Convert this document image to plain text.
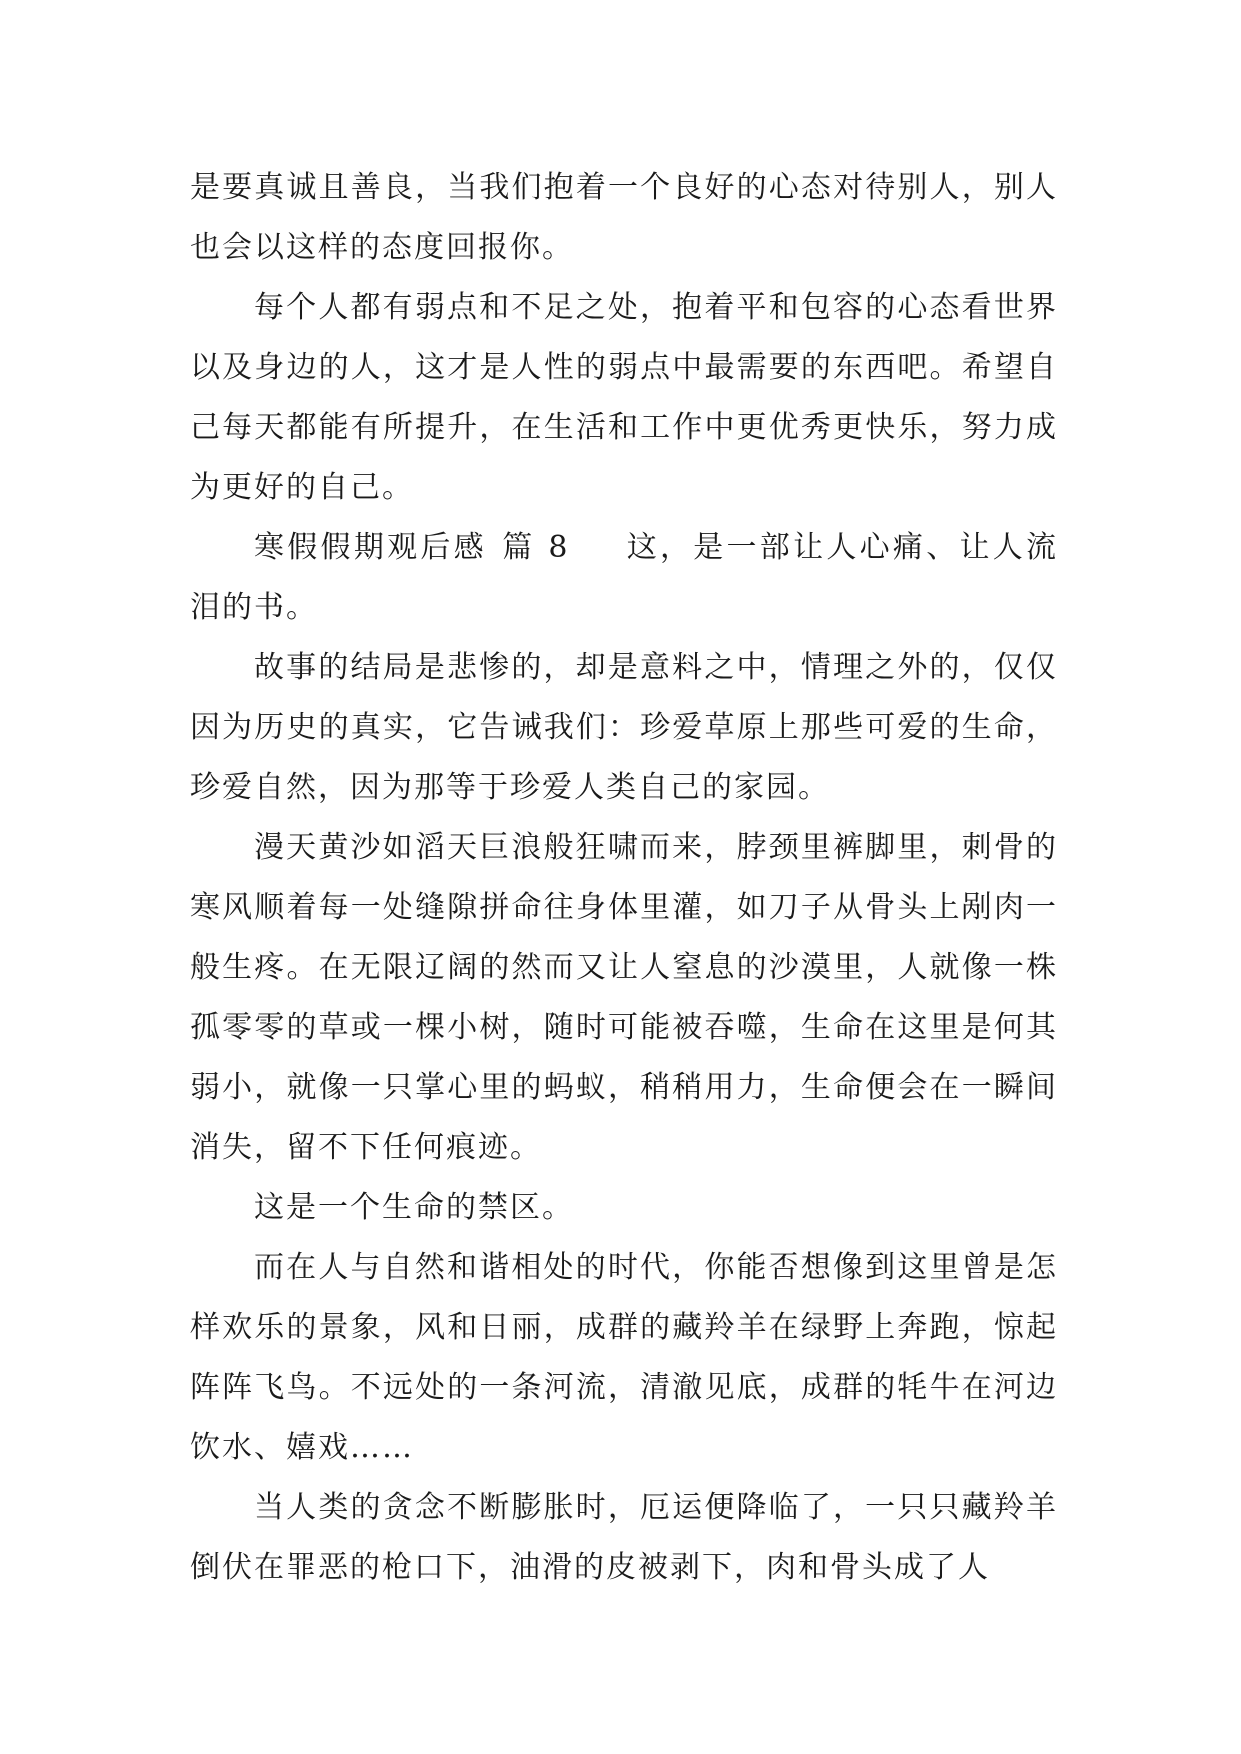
是要真诚且善良，当我们抱着一个良好的心态对待别人，别人也会以这样的态度回报你。

每个人都有弱点和不足之处，抱着平和包容的心态看世界以及身边的人，这才是人性的弱点中最需要的东西吧。希望自己每天都能有所提升，在生活和工作中更优秀更快乐，努力成为更好的自己。

寒假假期观后感 篇 8 这，是一部让人心痛、让人流泪的书。

故事的结局是悲惨的，却是意料之中，情理之外的，仅仅因为历史的真实，它告诫我们：珍爱草原上那些可爱的生命，珍爱自然，因为那等于珍爱人类自己的家园。

漫天黄沙如滔天巨浪般狂啸而来，脖颈里裤脚里，刺骨的寒风顺着每一处缝隙拼命往身体里灌，如刀子从骨头上剐肉一般生疼。在无限辽阔的然而又让人窒息的沙漠里，人就像一株孤零零的草或一棵小树，随时可能被吞噬，生命在这里是何其弱小，就像一只掌心里的蚂蚁，稍稍用力，生命便会在一瞬间消失，留不下任何痕迹。

这是一个生命的禁区。

而在人与自然和谐相处的时代，你能否想像到这里曾是怎样欢乐的景象，风和日丽，成群的藏羚羊在绿野上奔跑，惊起阵阵飞鸟。不远处的一条河流，清澈见底，成群的牦牛在河边饮水、嬉戏……

当人类的贪念不断膨胀时，厄运便降临了，一只只藏羚羊倒伏在罪恶的枪口下，油滑的皮被剥下，肉和骨头成了人
